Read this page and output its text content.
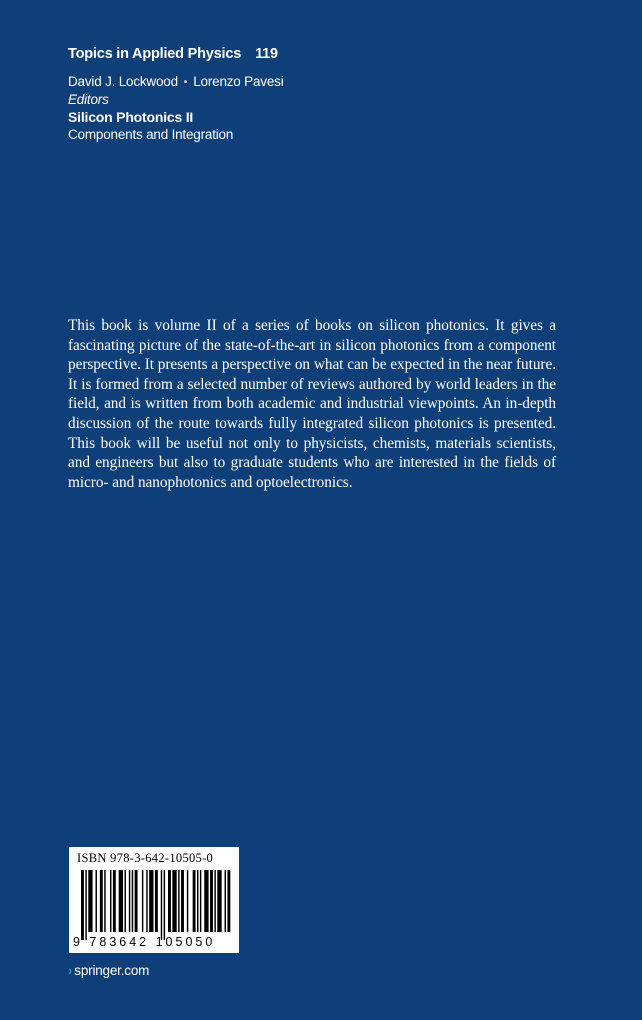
Topics in Applied Physics 119
David J. Lockwood • Lorenzo Pavesi
Editors
Silicon Photonics II
Components and Integration

This book is volume II of a series of books on silicon photonics. It gives a fascinating picture of the state-of-the-art in silicon photonics from a component perspective. It presents a perspective on what can be expected in the near future. It is formed from a selected number of reviews authored by world leaders in the field, and is written from both academic and industrial viewpoints. An in-depth discussion of the route towards fully integrated silicon photonics is presented. This book will be useful not only to physicists, chemists, materials scientists, and engineers but also to graduate students who are interested in the fields of micro- and nanophotonics and optoelectronics.

ISBN 978-3-642-10505-0
9 783642 105050
› springer.com
